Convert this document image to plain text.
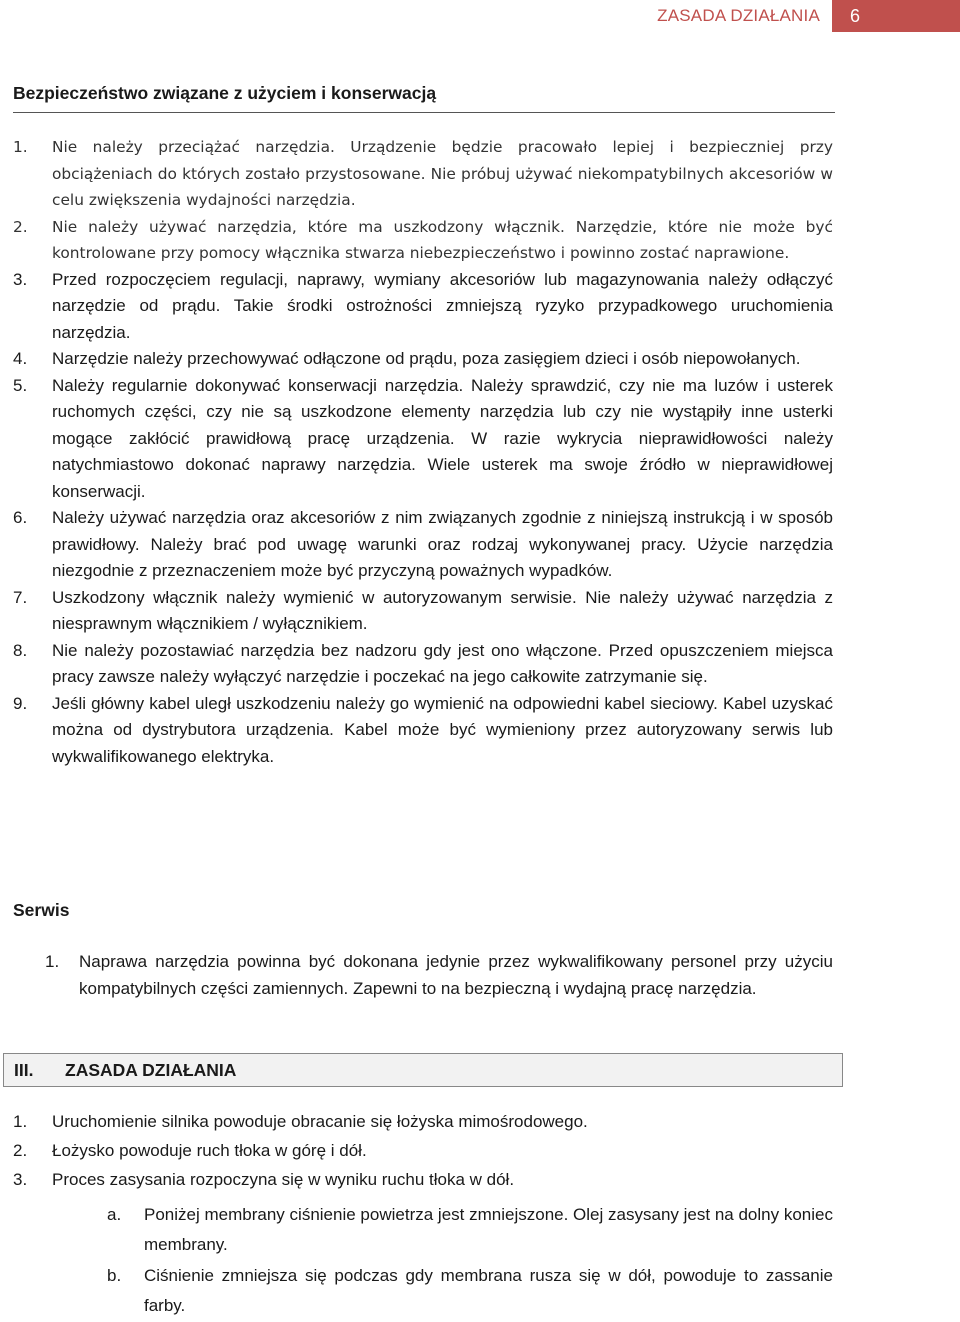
ZASADA DZIAŁANIA	6
Bezpieczeństwo związane z użyciem i konserwacją
1. Nie należy przeciążać narzędzia. Urządzenie będzie pracowało lepiej i bezpieczniej przy obciążeniach do których zostało przystosowane. Nie próbuj używać niekompatybilnych akcesoriów w celu zwiększenia wydajności narzędzia.
2. Nie należy używać narzędzia, które ma uszkodzony włącznik. Narzędzie, które nie może być kontrolowane przy pomocy włącznika stwarza niebezpieczeństwo i powinno zostać naprawione.
3. Przed rozpoczęciem regulacji, naprawy, wymiany akcesoriów lub magazynowania należy odłączyć narzędzie od prądu. Takie środki ostrożności zmniejszą ryzyko przypadkowego uruchomienia narzędzia.
4. Narzędzie należy przechowywać odłączone od prądu, poza zasięgiem dzieci i osób niepowołanych.
5. Należy regularnie dokonywać konserwacji narzędzia. Należy sprawdzić, czy nie ma luzów i usterek ruchomych części, czy nie są uszkodzone elementy narzędzia lub czy nie wystąpiły inne usterki mogące zakłócić prawidłową pracę urządzenia. W razie wykrycia nieprawidłowości należy natychmiastowo dokonać naprawy narzędzia. Wiele usterek ma swoje źródło w nieprawidłowej konserwacji.
6. Należy używać narzędzia oraz akcesoriów z nim związanych zgodnie z niniejszą instrukcją i w sposób prawidłowy. Należy brać pod uwagę warunki oraz rodzaj wykonywanej pracy. Użycie narzędzia niezgodnie z przeznaczeniem może być przyczyną poważnych wypadków.
7. Uszkodzony włącznik należy wymienić w autoryzowanym serwisie. Nie należy używać narzędzia z niesprawnym włącznikiem / wyłącznikiem.
8. Nie należy pozostawiać narzędzia bez nadzoru gdy jest ono włączone. Przed opuszczeniem miejsca pracy zawsze należy wyłączyć narzędzie i poczekać na jego całkowite zatrzymanie się.
9. Jeśli główny kabel uległ uszkodzeniu należy go wymienić na odpowiedni kabel sieciowy. Kabel uzyskać można od dystrybutora urządzenia. Kabel może być wymieniony przez autoryzowany serwis lub wykwalifikowanego elektryka.
Serwis
1. Naprawa narzędzia powinna być dokonana jedynie przez wykwalifikowany personel przy użyciu kompatybilnych części zamiennych. Zapewni to na bezpieczną i wydajną pracę narzędzia.
III. ZASADA DZIAŁANIA
1. Uruchomienie silnika powoduje obracanie się łożyska mimośrodowego.
2. Łożysko powoduje ruch tłoka w górę i dół.
3. Proces zasysania rozpoczyna się w wyniku ruchu tłoka w dół.
a. Poniżej membrany ciśnienie powietrza jest zmniejszone. Olej zasysany jest na dolny koniec membrany.
b. Ciśnienie zmniejsza się podczas gdy membrana rusza się w dół, powoduje to zassanie farby.
